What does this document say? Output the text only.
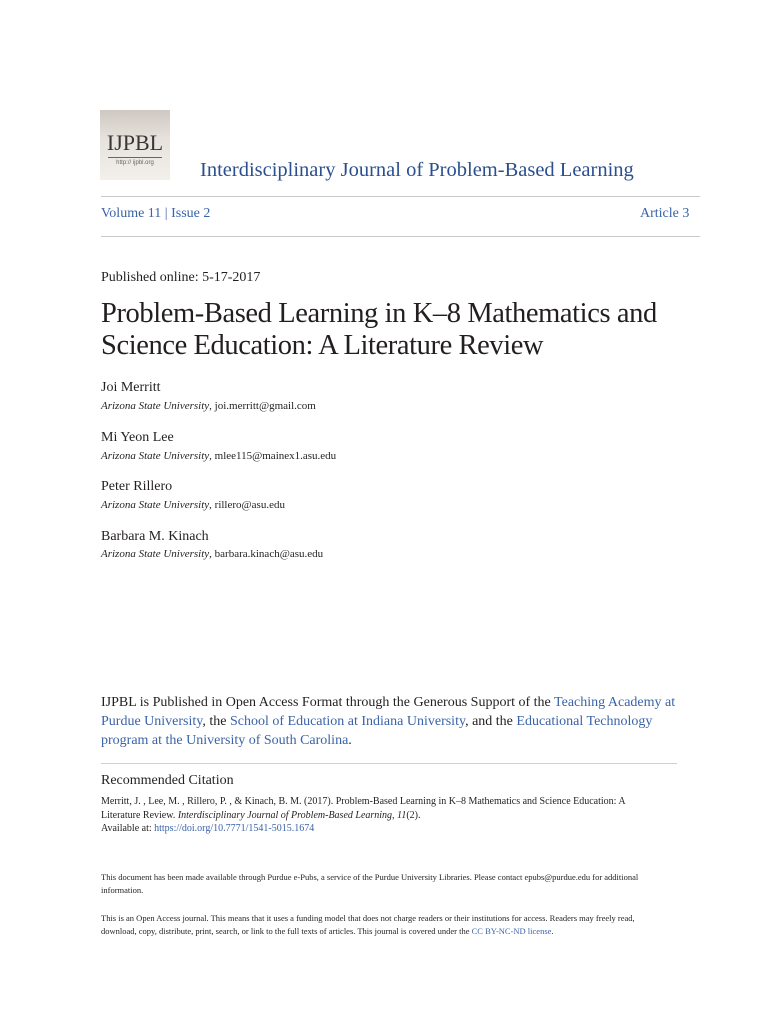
IJPBL
http:// ijpbl.org	Interdisciplinary Journal of Problem-Based Learning
Volume 11 | Issue 2	Article 3
Published online: 5-17-2017
Problem-Based Learning in K–8 Mathematics and Science Education: A Literature Review
Joi Merritt
Arizona State University, joi.merritt@gmail.com
Mi Yeon Lee
Arizona State University, mlee115@mainex1.asu.edu
Peter Rillero
Arizona State University, rillero@asu.edu
Barbara M. Kinach
Arizona State University, barbara.kinach@asu.edu
IJPBL is Published in Open Access Format through the Generous Support of the Teaching Academy at Purdue University, the School of Education at Indiana University, and the Educational Technology program at the University of South Carolina.
Recommended Citation
Merritt, J. , Lee, M. , Rillero, P. , & Kinach, B. M. (2017). Problem-Based Learning in K–8 Mathematics and Science Education: A Literature Review. Interdisciplinary Journal of Problem-Based Learning, 11(2).
Available at: https://doi.org/10.7771/1541-5015.1674
This document has been made available through Purdue e-Pubs, a service of the Purdue University Libraries. Please contact epubs@purdue.edu for additional information.
This is an Open Access journal. This means that it uses a funding model that does not charge readers or their institutions for access. Readers may freely read, download, copy, distribute, print, search, or link to the full texts of articles. This journal is covered under the CC BY-NC-ND license.
